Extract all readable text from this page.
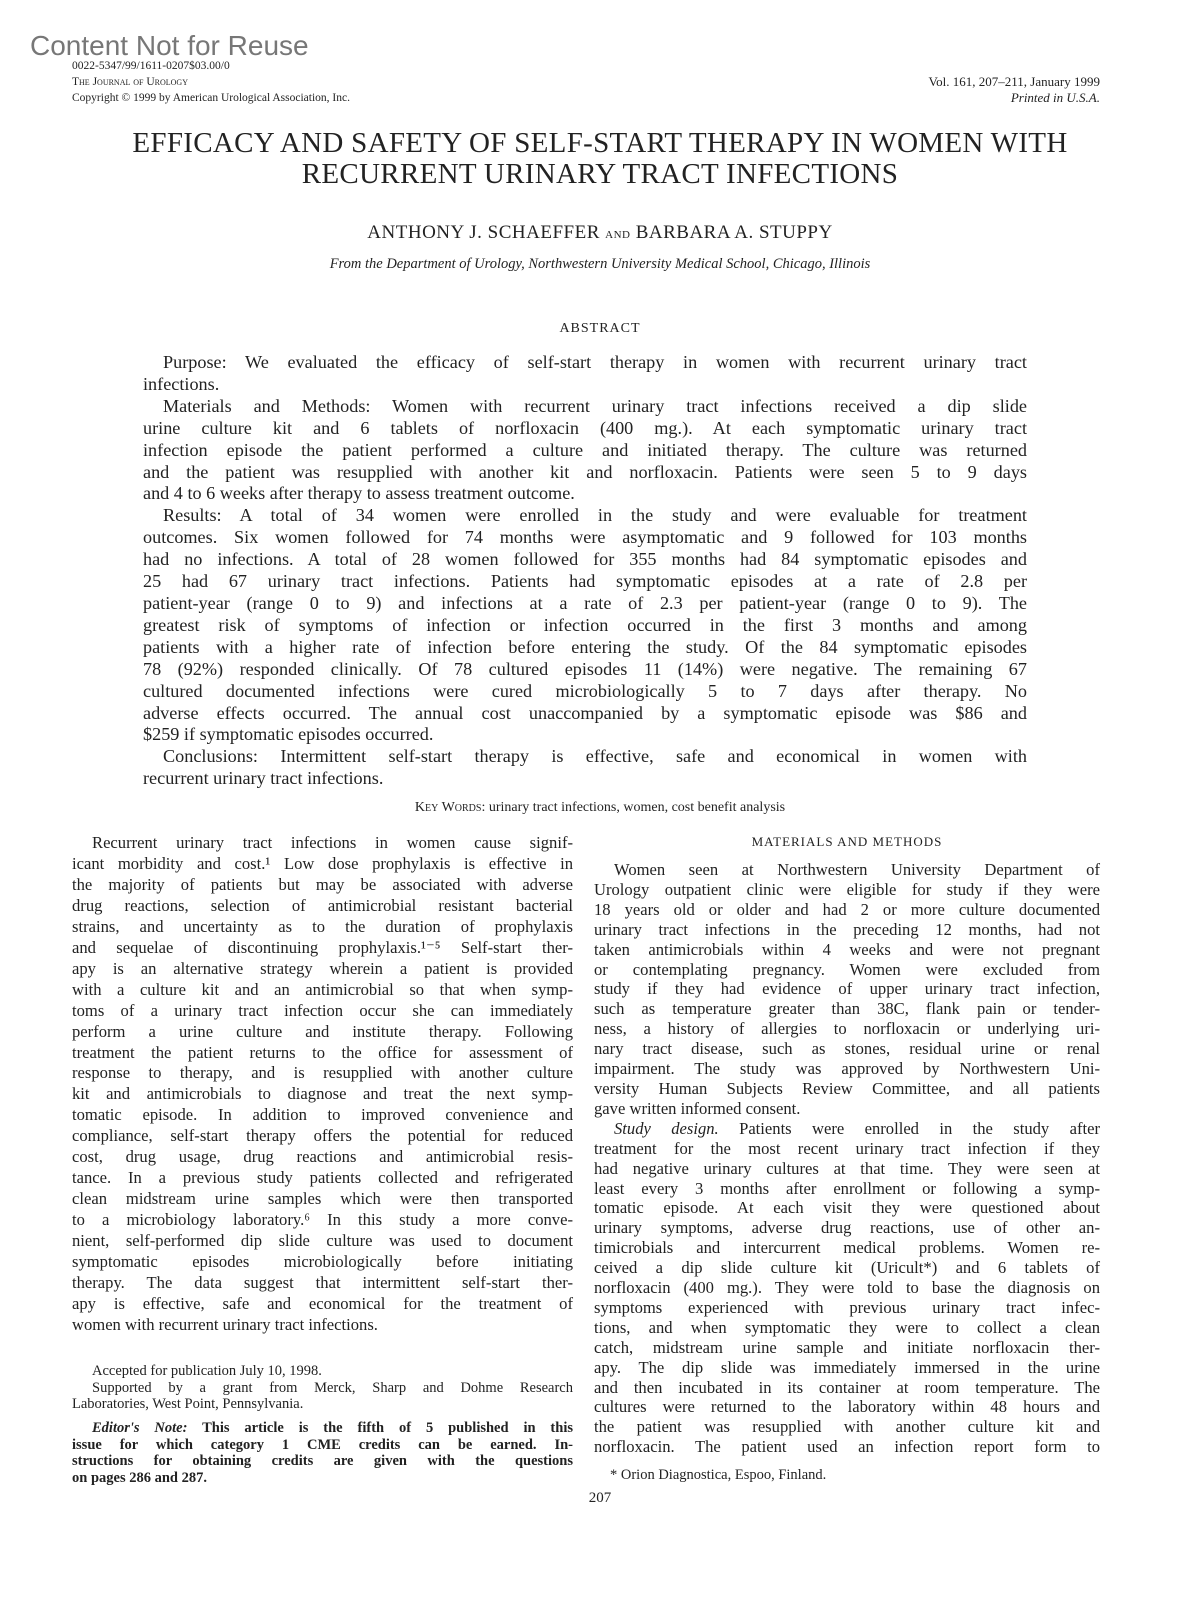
Content Not for Reuse
0022-5347/99/1611-0207$03.00/0
The Journal of Urology
Copyright © 1999 by American Urological Association, Inc.
Vol. 161, 207–211, January 1999
Printed in U.S.A.
EFFICACY AND SAFETY OF SELF-START THERAPY IN WOMEN WITH
RECURRENT URINARY TRACT INFECTIONS
ANTHONY J. SCHAEFFER and BARBARA A. STUPPY
From the Department of Urology, Northwestern University Medical School, Chicago, Illinois
ABSTRACT
Purpose: We evaluated the efficacy of self-start therapy in women with recurrent urinary tract
infections.
Materials and Methods: Women with recurrent urinary tract infections received a dip slide
urine culture kit and 6 tablets of norfloxacin (400 mg.). At each symptomatic urinary tract
infection episode the patient performed a culture and initiated therapy. The culture was returned
and the patient was resupplied with another kit and norfloxacin. Patients were seen 5 to 9 days
and 4 to 6 weeks after therapy to assess treatment outcome.
Results: A total of 34 women were enrolled in the study and were evaluable for treatment
outcomes. Six women followed for 74 months were asymptomatic and 9 followed for 103 months
had no infections. A total of 28 women followed for 355 months had 84 symptomatic episodes and
25 had 67 urinary tract infections. Patients had symptomatic episodes at a rate of 2.8 per
patient-year (range 0 to 9) and infections at a rate of 2.3 per patient-year (range 0 to 9). The
greatest risk of symptoms of infection or infection occurred in the first 3 months and among
patients with a higher rate of infection before entering the study. Of the 84 symptomatic episodes
78 (92%) responded clinically. Of 78 cultured episodes 11 (14%) were negative. The remaining 67
cultured documented infections were cured microbiologically 5 to 7 days after therapy. No
adverse effects occurred. The annual cost unaccompanied by a symptomatic episode was $86 and
$259 if symptomatic episodes occurred.
Conclusions: Intermittent self-start therapy is effective, safe and economical in women with
recurrent urinary tract infections.
Key Words: urinary tract infections, women, cost benefit analysis
Recurrent urinary tract infections in women cause signif-
icant morbidity and cost.¹ Low dose prophylaxis is effective in
the majority of patients but may be associated with adverse
drug reactions, selection of antimicrobial resistant bacterial
strains, and uncertainty as to the duration of prophylaxis
and sequelae of discontinuing prophylaxis.¹⁻⁵ Self-start ther-
apy is an alternative strategy wherein a patient is provided
with a culture kit and an antimicrobial so that when symp-
toms of a urinary tract infection occur she can immediately
perform a urine culture and institute therapy. Following
treatment the patient returns to the office for assessment of
response to therapy, and is resupplied with another culture
kit and antimicrobials to diagnose and treat the next symp-
tomatic episode. In addition to improved convenience and
compliance, self-start therapy offers the potential for reduced
cost, drug usage, drug reactions and antimicrobial resis-
tance. In a previous study patients collected and refrigerated
clean midstream urine samples which were then transported
to a microbiology laboratory.⁶ In this study a more conve-
nient, self-performed dip slide culture was used to document
symptomatic episodes microbiologically before initiating
therapy. The data suggest that intermittent self-start ther-
apy is effective, safe and economical for the treatment of
women with recurrent urinary tract infections.
Accepted for publication July 10, 1998.
Supported by a grant from Merck, Sharp and Dohme Research
Laboratories, West Point, Pennsylvania.
Editor's Note: This article is the fifth of 5 published in this
issue for which category 1 CME credits can be earned. In-
structions for obtaining credits are given with the questions
on pages 286 and 287.
MATERIALS AND METHODS
Women seen at Northwestern University Department of
Urology outpatient clinic were eligible for study if they were
18 years old or older and had 2 or more culture documented
urinary tract infections in the preceding 12 months, had not
taken antimicrobials within 4 weeks and were not pregnant
or contemplating pregnancy. Women were excluded from
study if they had evidence of upper urinary tract infection,
such as temperature greater than 38C, flank pain or tender-
ness, a history of allergies to norfloxacin or underlying uri-
nary tract disease, such as stones, residual urine or renal
impairment. The study was approved by Northwestern Uni-
versity Human Subjects Review Committee, and all patients
gave written informed consent.
Study design. Patients were enrolled in the study after
treatment for the most recent urinary tract infection if they
had negative urinary cultures at that time. They were seen at
least every 3 months after enrollment or following a symp-
tomatic episode. At each visit they were questioned about
urinary symptoms, adverse drug reactions, use of other an-
timicrobials and intercurrent medical problems. Women re-
ceived a dip slide culture kit (Uricult*) and 6 tablets of
norfloxacin (400 mg.). They were told to base the diagnosis on
symptoms experienced with previous urinary tract infec-
tions, and when symptomatic they were to collect a clean
catch, midstream urine sample and initiate norfloxacin ther-
apy. The dip slide was immediately immersed in the urine
and then incubated in its container at room temperature. The
cultures were returned to the laboratory within 48 hours and
the patient was resupplied with another culture kit and
norfloxacin. The patient used an infection report form to
* Orion Diagnostica, Espoo, Finland.
207
